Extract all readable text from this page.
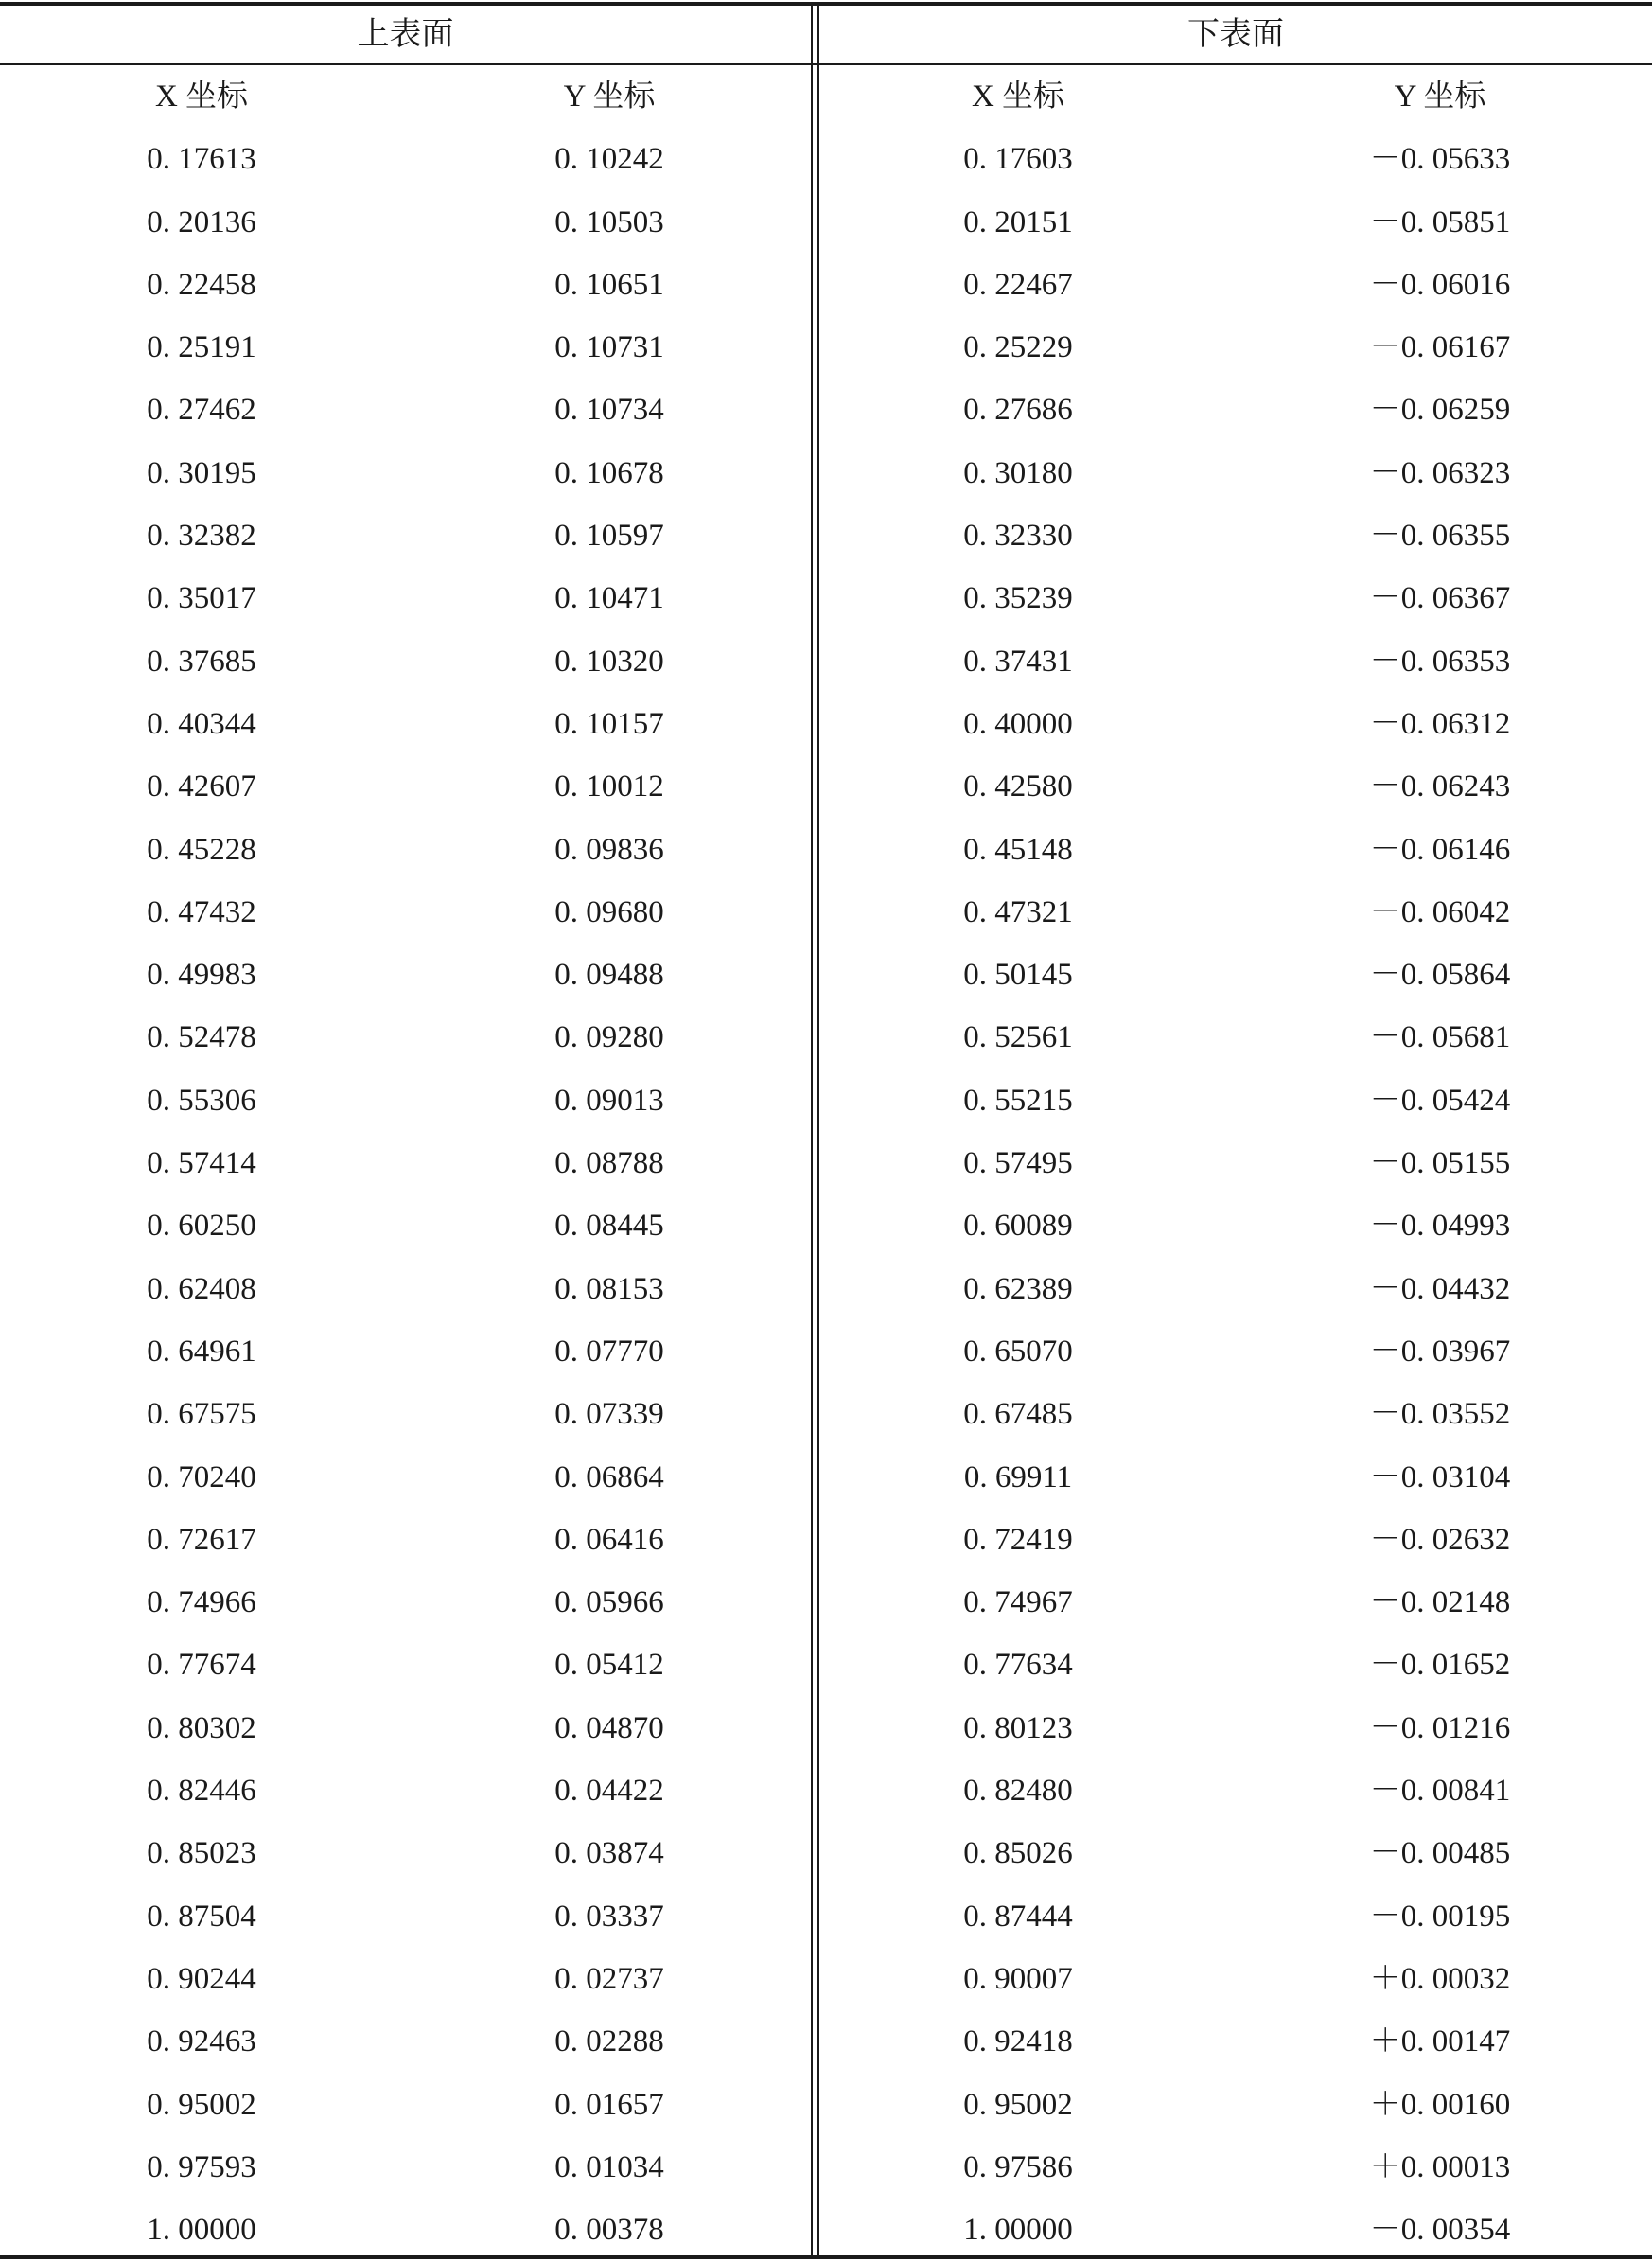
上表面
X 坐标
0. 17613
0. 20136
0. 22458
0. 25191
0. 27462
0. 30195
0. 32382
0. 35017
0. 37685
0. 40344
0. 42607
0. 45228
0. 47432
0. 49983
0. 52478
0. 55306
0. 57414
0. 60250
0. 62408
0. 64961
0. 67575
0. 70240
0. 72617
0. 74966
0. 77674
0. 80302
0. 82446
0. 85023
0. 87504
0. 90244
0. 92463
0. 95002
0. 97593
1. 00000
Y 坐标
0. 10242
0. 10503
0. 10651
0. 10731
0. 10734
0. 10678
0. 10597
0. 10471
0. 10320
0. 10157
0. 10012
0. 09836
0. 09680
0. 09488
0. 09280
0. 09013
0. 08788
0. 08445
0. 08153
0. 07770
0. 07339
0. 06864
0. 06416
0. 05966
0. 05412
0. 04870
0. 04422
0. 03874
0. 03337
0. 02737
0. 02288
0. 01657
0. 01034
0. 00378
下表面
X 坐标
0. 17603
0. 20151
0. 22467
0. 25229
0. 27686
0. 30180
0. 32330
0. 35239
0. 37431
0. 40000
0. 42580
0. 45148
0. 47321
0. 50145
0. 52561
0. 55215
0. 57495
0. 60089
0. 62389
0. 65070
0. 67485
0. 69911
0. 72419
0. 74967
0. 77634
0. 80123
0. 82480
0. 85026
0. 87444
0. 90007
0. 92418
0. 95002
0. 97586
1. 00000
Y 坐标
－0. 05633
－0. 05851
－0. 06016
－0. 06167
－0. 06259
－0. 06323
－0. 06355
－0. 06367
－0. 06353
－0. 06312
－0. 06243
－0. 06146
－0. 06042
－0. 05864
－0. 05681
－0. 05424
－0. 05155
－0. 04993
－0. 04432
－0. 03967
－0. 03552
－0. 03104
－0. 02632
－0. 02148
－0. 01652
－0. 01216
－0. 00841
－0. 00485
－0. 00195
＋0. 00032
＋0. 00147
＋0. 00160
＋0. 00013
－0. 00354
